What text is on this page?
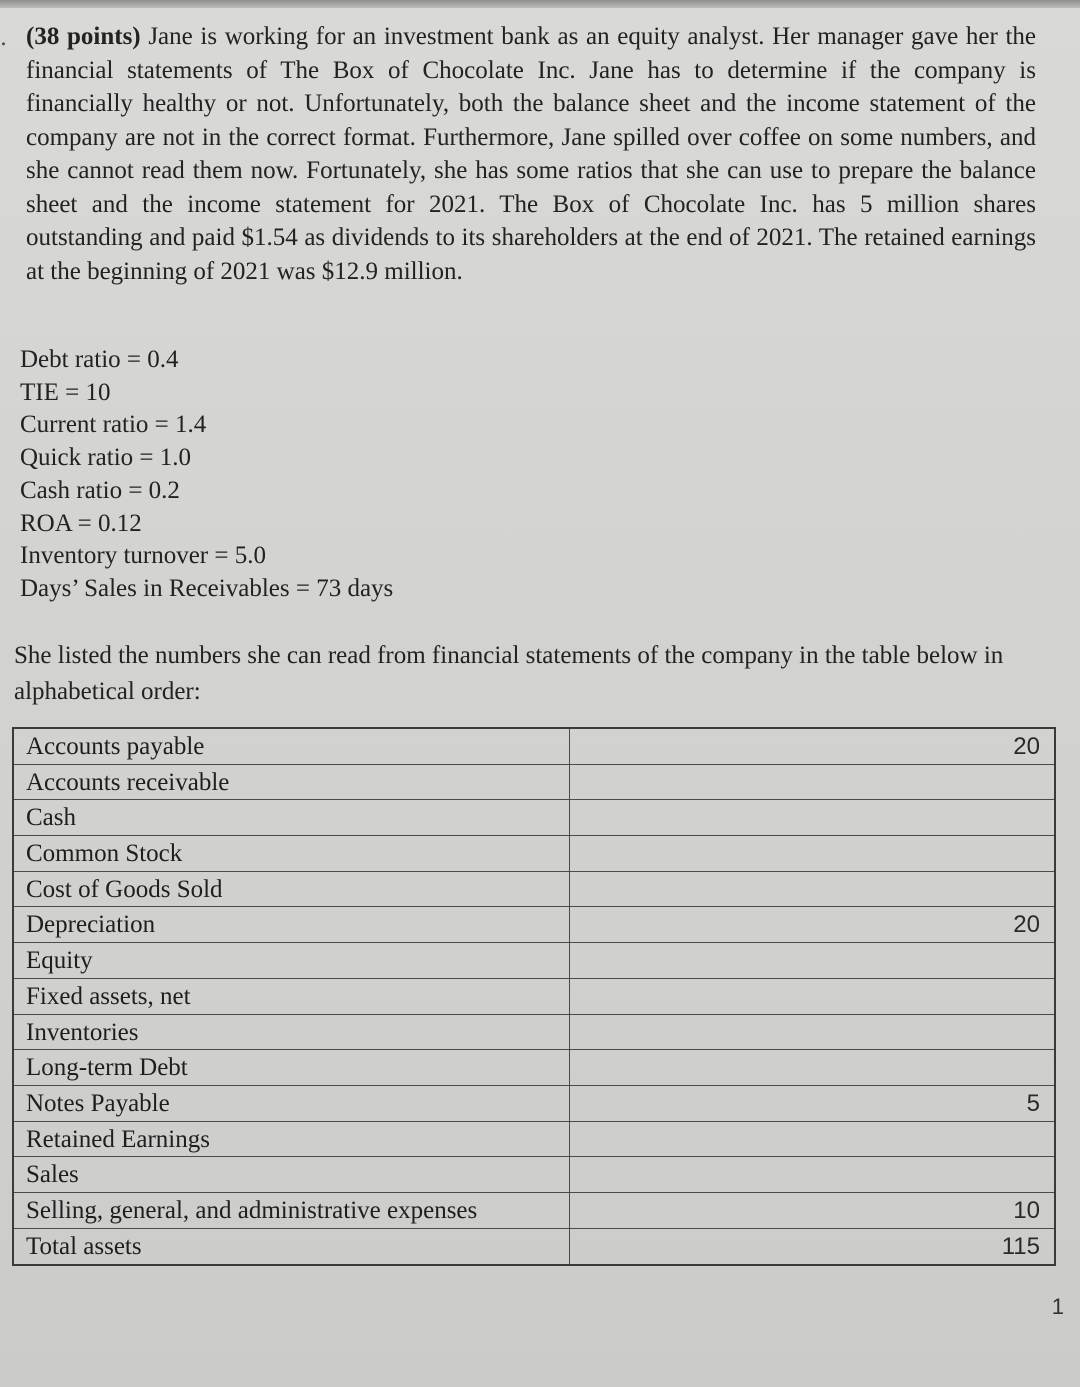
. (38 points) Jane is working for an investment bank as an equity analyst. Her manager gave her the financial statements of The Box of Chocolate Inc. Jane has to determine if the company is financially healthy or not. Unfortunately, both the balance sheet and the income statement of the company are not in the correct format. Furthermore, Jane spilled over coffee on some numbers, and she cannot read them now. Fortunately, she has some ratios that she can use to prepare the balance sheet and the income statement for 2021. The Box of Chocolate Inc. has 5 million shares outstanding and paid $1.54 as dividends to its shareholders at the end of 2021. The retained earnings at the beginning of 2021 was $12.9 million.
Debt ratio = 0.4
TIE = 10
Current ratio = 1.4
Quick ratio = 1.0
Cash ratio = 0.2
ROA = 0.12
Inventory turnover = 5.0
Days’ Sales in Receivables = 73 days
She listed the numbers she can read from financial statements of the company in the table below in alphabetical order:
Accounts payable	20
Accounts receivable
Cash
Common Stock
Cost of Goods Sold
Depreciation	20
Equity
Fixed assets, net
Inventories
Long-term Debt
Notes Payable	5
Retained Earnings
Sales
Selling, general, and administrative expenses	10
Total assets	115
1
